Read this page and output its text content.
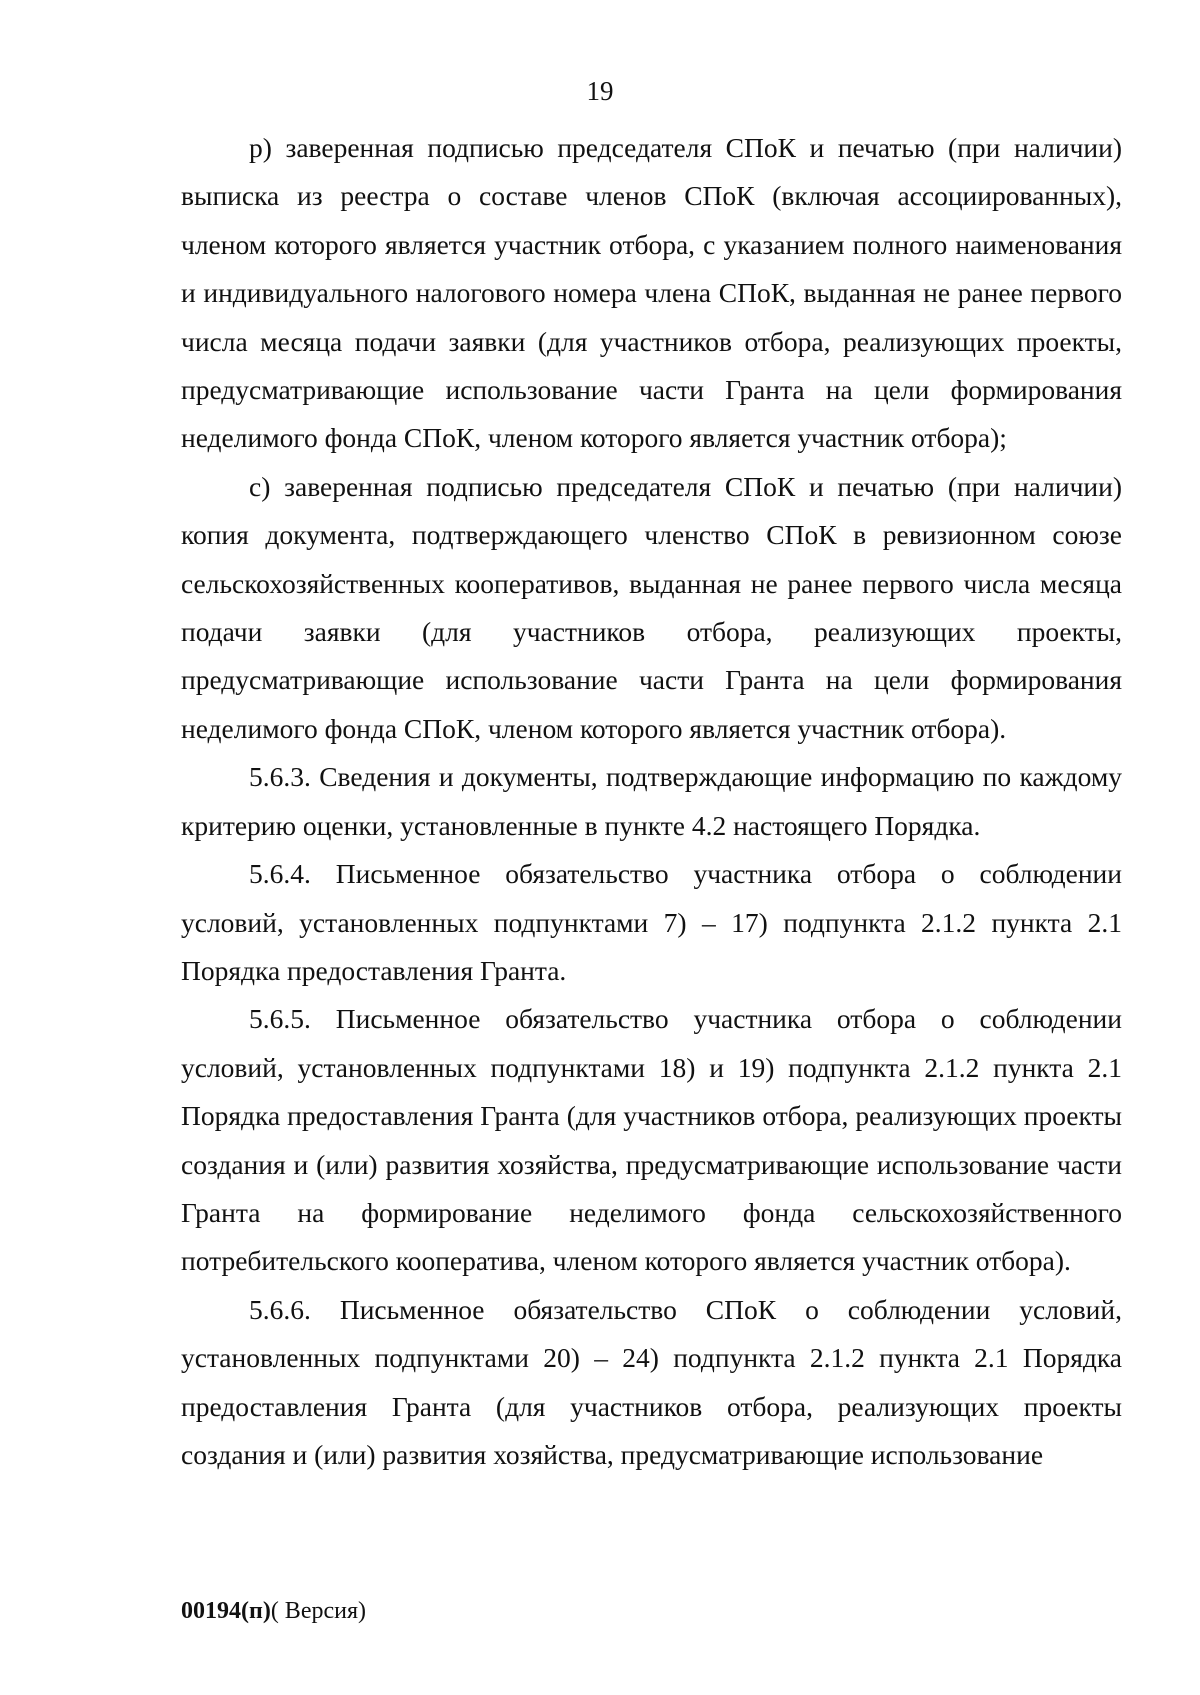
19

р) заверенная подписью председателя СПоК и печатью (при наличии) выписка из реестра о составе членов СПоК (включая ассоциированных), членом которого является участник отбора, с указанием полного наименования и индивидуального налогового номера члена СПоК, выданная не ранее первого числа месяца подачи заявки (для участников отбора, реализующих проекты, предусматривающие использование части Гранта на цели формирования неделимого фонда СПоК, членом которого является участник отбора);

с) заверенная подписью председателя СПоК и печатью (при наличии) копия документа, подтверждающего членство СПоК в ревизионном союзе сельскохозяйственных кооперативов, выданная не ранее первого числа месяца подачи заявки (для участников отбора, реализующих проекты, предусматривающие использование части Гранта на цели формирования неделимого фонда СПоК, членом которого является участник отбора).

5.6.3. Сведения и документы, подтверждающие информацию по каждому критерию оценки, установленные в пункте 4.2 настоящего Порядка.

5.6.4. Письменное обязательство участника отбора о соблюдении условий, установленных подпунктами 7) – 17) подпункта 2.1.2 пункта 2.1 Порядка предоставления Гранта.

5.6.5. Письменное обязательство участника отбора о соблюдении условий, установленных подпунктами 18) и 19) подпункта 2.1.2 пункта 2.1 Порядка предоставления Гранта (для участников отбора, реализующих проекты создания и (или) развития хозяйства, предусматривающие использование части Гранта на формирование неделимого фонда сельскохозяйственного потребительского кооператива, членом которого является участник отбора).

5.6.6. Письменное обязательство СПоК о соблюдении условий, установленных подпунктами 20) – 24) подпункта 2.1.2 пункта 2.1 Порядка предоставления Гранта (для участников отбора, реализующих проекты создания и (или) развития хозяйства, предусматривающие использование

00194(п)( Версия)
